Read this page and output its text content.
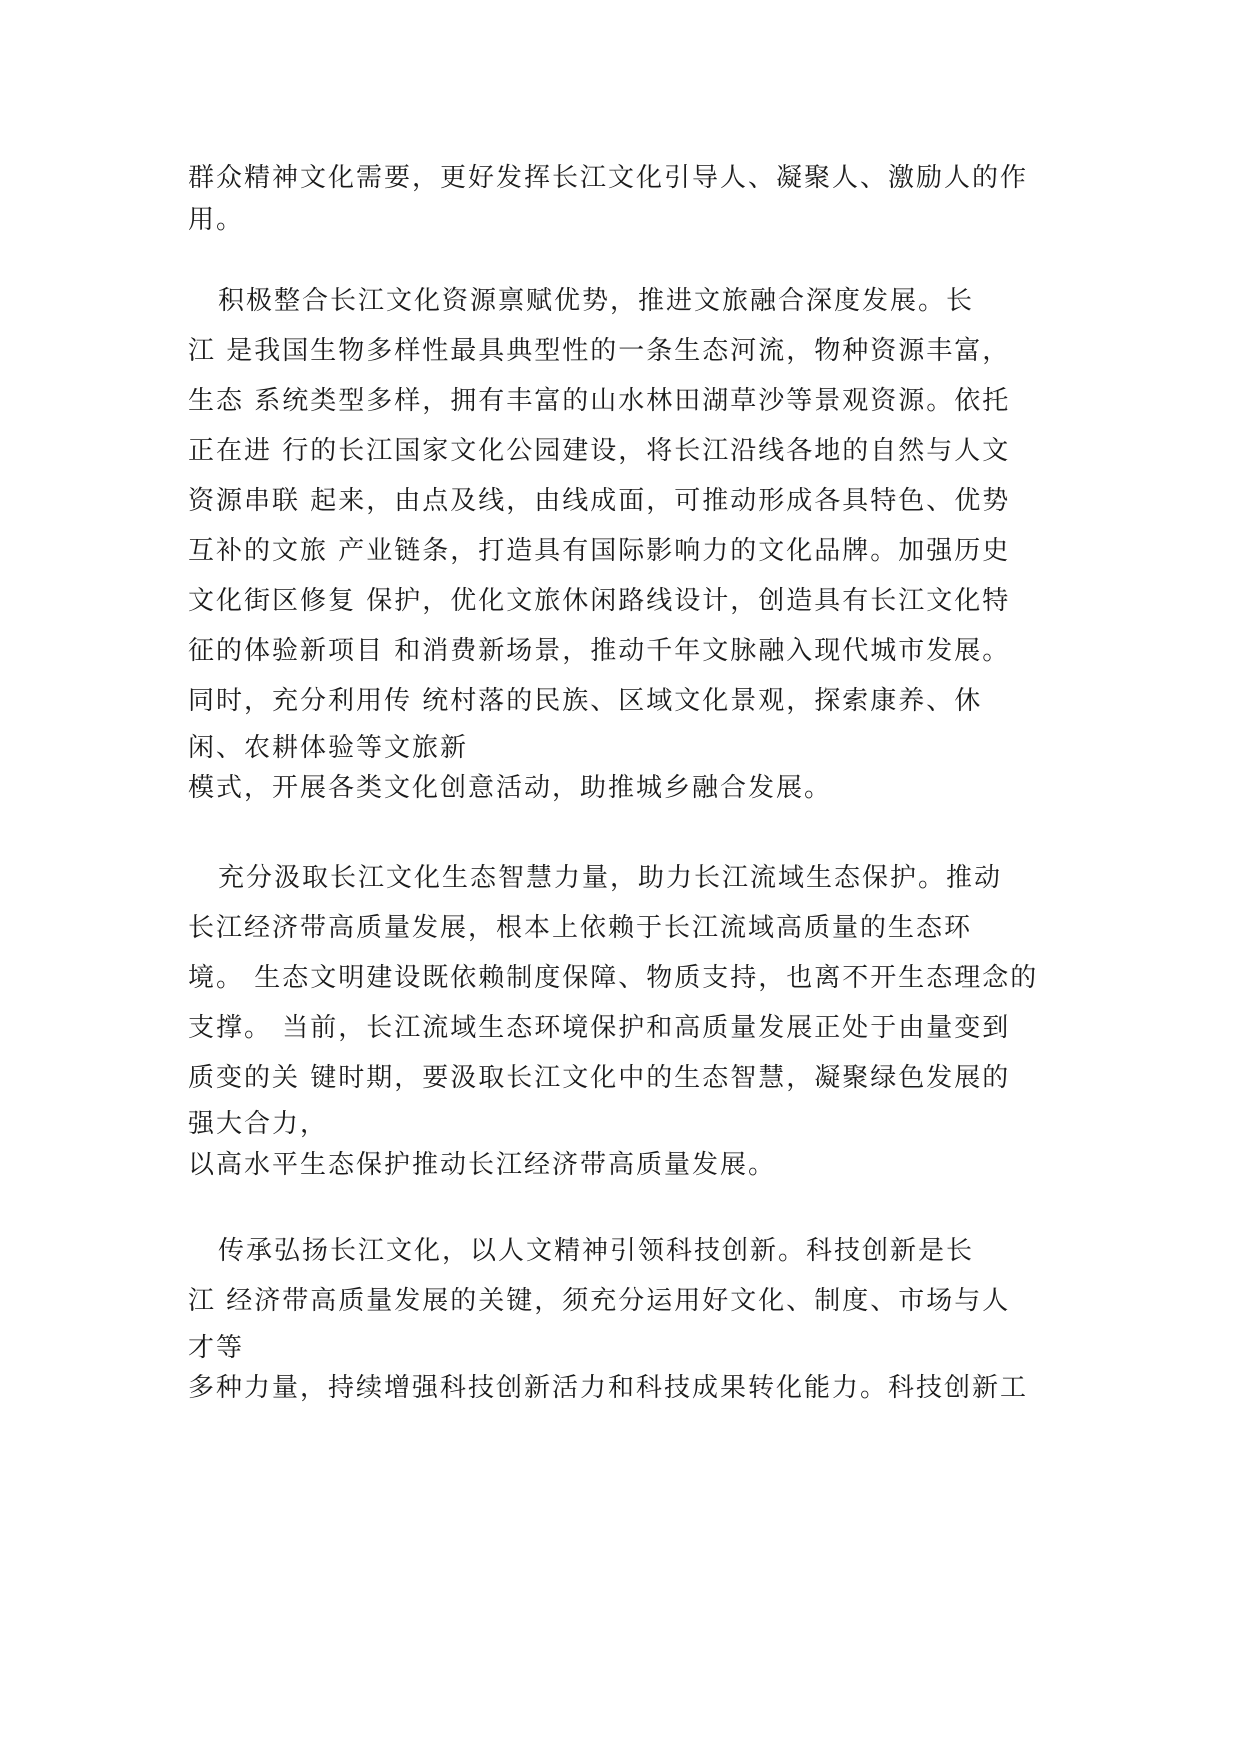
群众精神文化需要，更好发挥长江文化引导人、凝聚人、激励人的作
用。
积极整合长江文化资源禀赋优势，推进文旅融合深度发展。长
江 是我国生物多样性最具典型性的一条生态河流，物种资源丰富，
生态 系统类型多样，拥有丰富的山水林田湖草沙等景观资源。依托
正在进 行的长江国家文化公园建设，将长江沿线各地的自然与人文
资源串联 起来，由点及线，由线成面，可推动形成各具特色、优势
互补的文旅 产业链条，打造具有国际影响力的文化品牌。加强历史
文化街区修复 保护，优化文旅休闲路线设计，创造具有长江文化特
征的体验新项目 和消费新场景，推动千年文脉融入现代城市发展。
同时，充分利用传 统村落的民族、区域文化景观，探索康养、休
闲、农耕体验等文旅新
模式，开展各类文化创意活动，助推城乡融合发展。
充分汲取长江文化生态智慧力量，助力长江流域生态保护。推动
长江经济带高质量发展，根本上依赖于长江流域高质量的生态环
境。 生态文明建设既依赖制度保障、物质支持，也离不开生态理念的
支撑。 当前，长江流域生态环境保护和高质量发展正处于由量变到
质变的关 键时期，要汲取长江文化中的生态智慧，凝聚绿色发展的
强大合力，
以高水平生态保护推动长江经济带高质量发展。
传承弘扬长江文化，以人文精神引领科技创新。科技创新是长
江 经济带高质量发展的关键，须充分运用好文化、制度、市场与人
才等
多种力量，持续增强科技创新活力和科技成果转化能力。科技创新工
